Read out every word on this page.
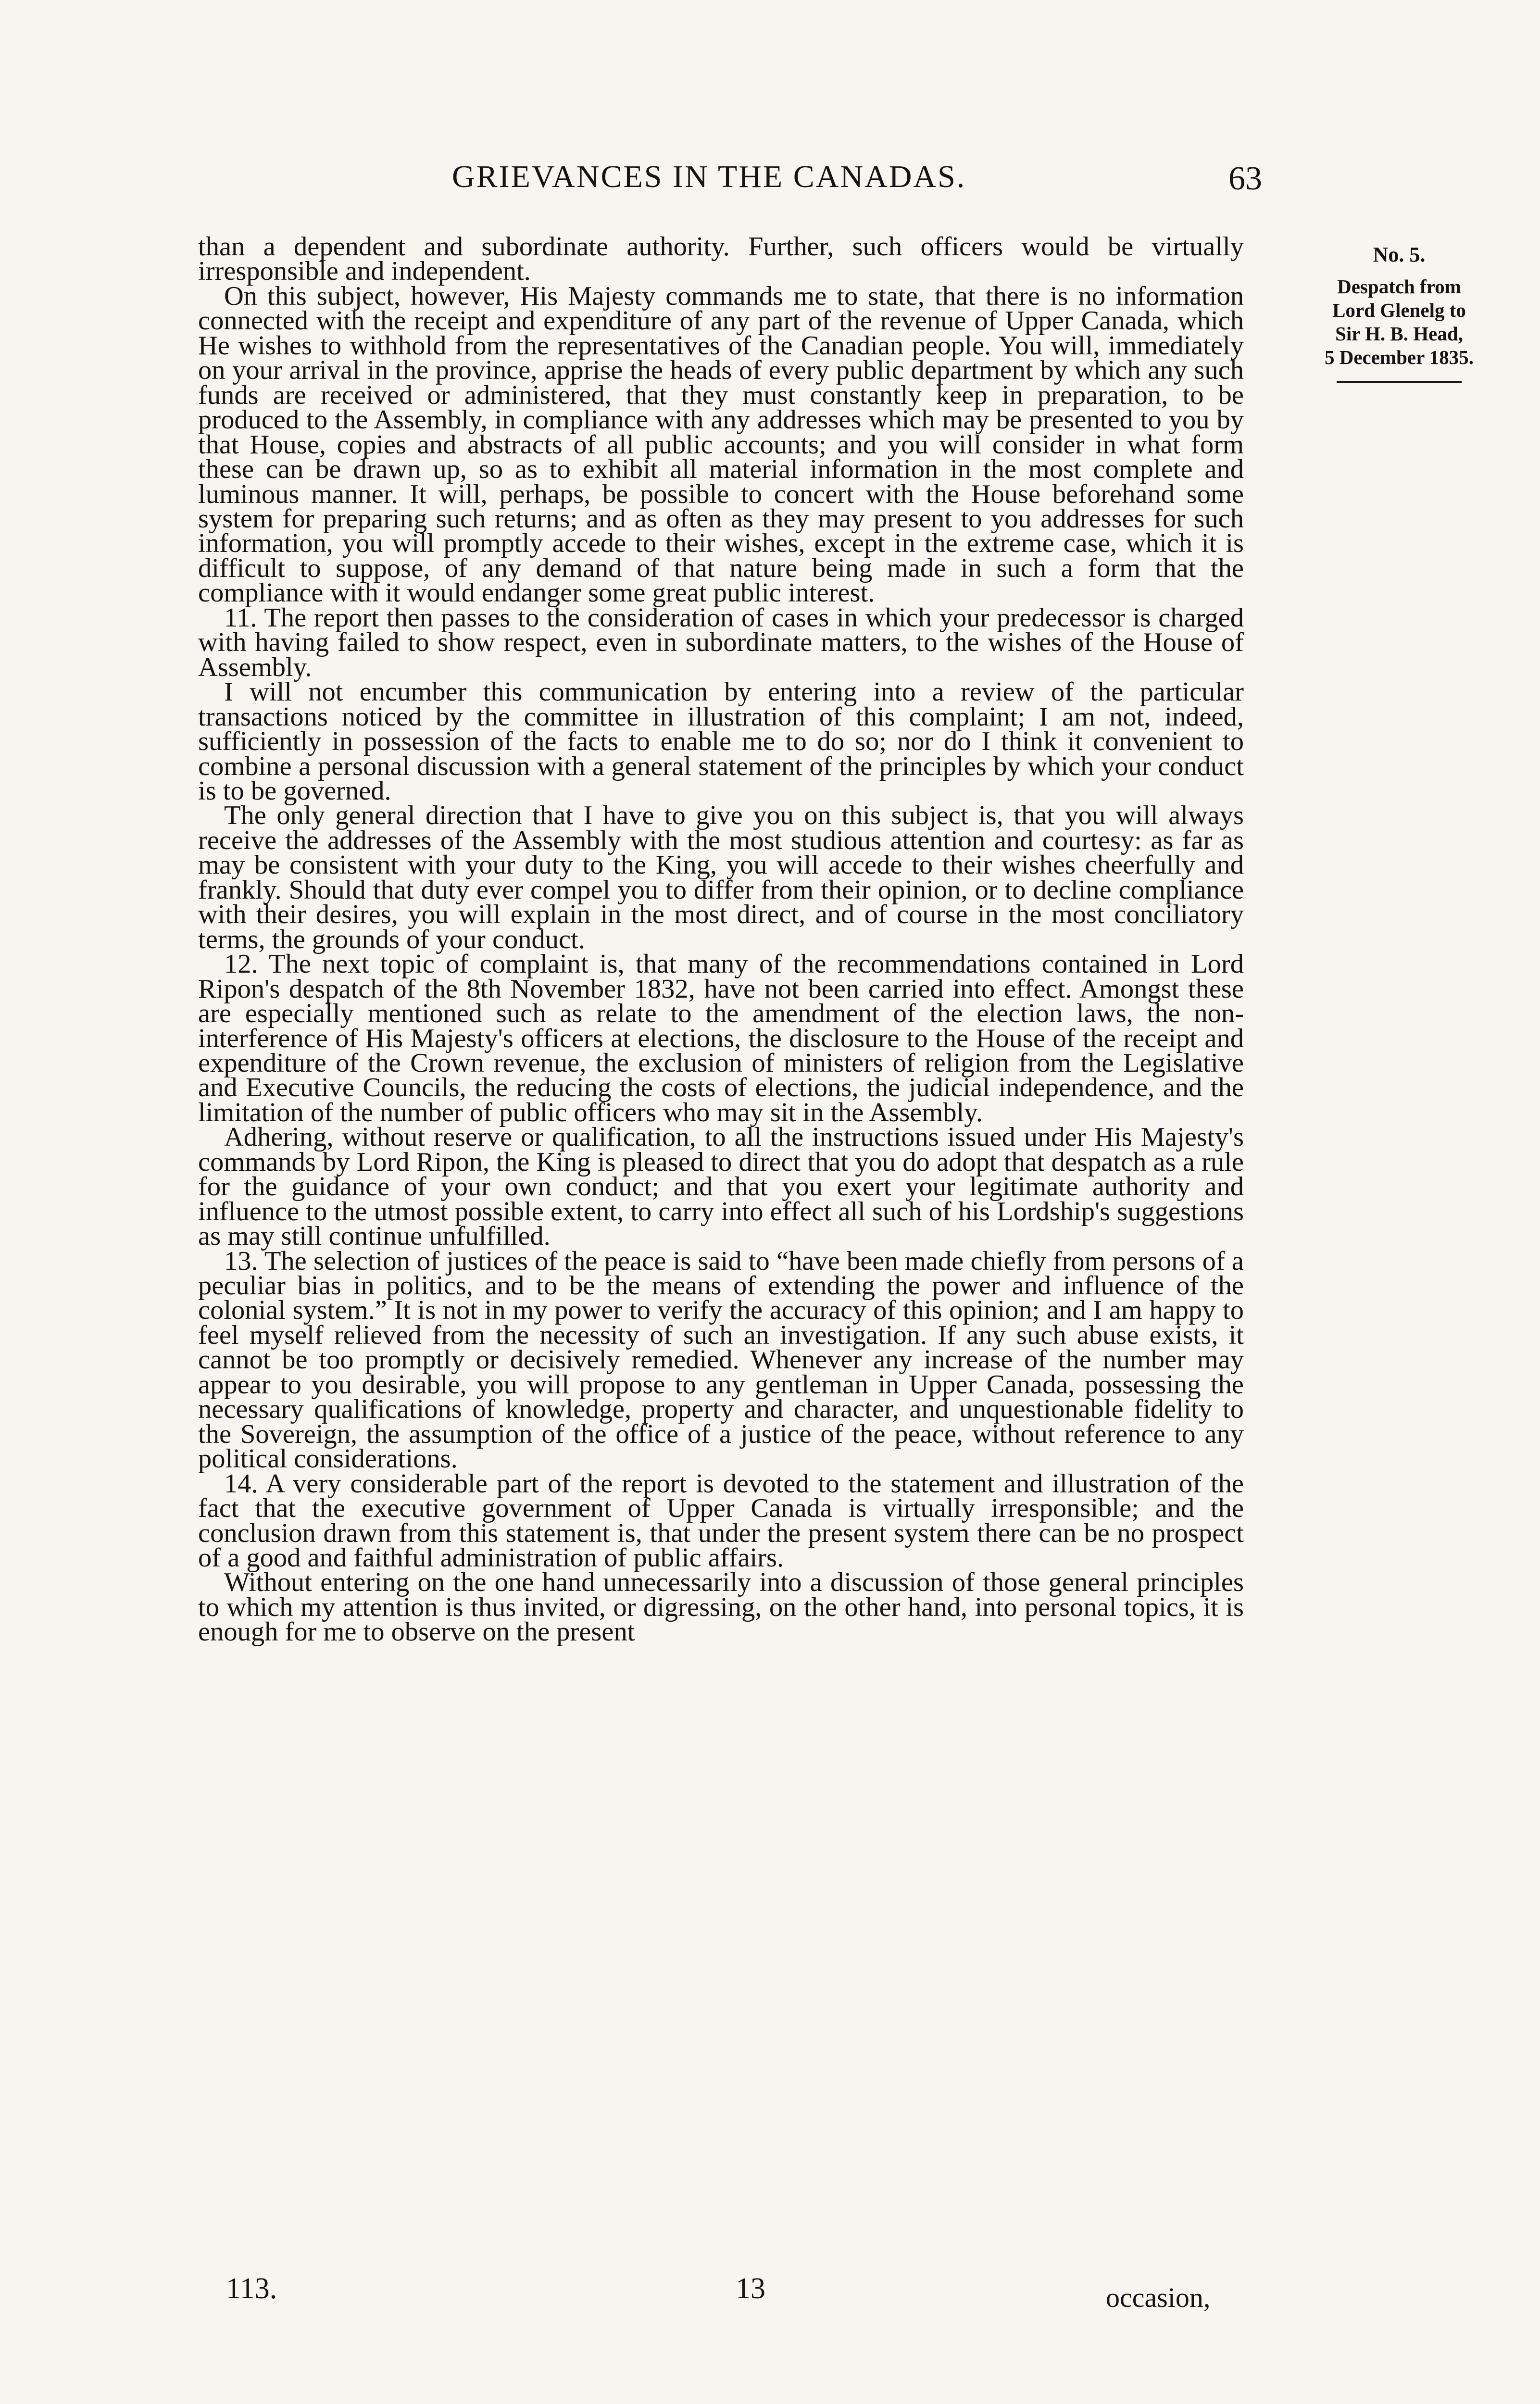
GRIEVANCES IN THE CANADAS.	63

than a dependent and subordinate authority. Further, such officers would be virtually irresponsible and independent.

On this subject, however, His Majesty commands me to state, that there is no information connected with the receipt and expenditure of any part of the revenue of Upper Canada, which He wishes to withhold from the representatives of the Canadian people. You will, immediately on your arrival in the province, apprise the heads of every public department by which any such funds are received or administered, that they must constantly keep in preparation, to be produced to the Assembly, in compliance with any addresses which may be presented to you by that House, copies and abstracts of all public accounts; and you will consider in what form these can be drawn up, so as to exhibit all material information in the most complete and luminous manner. It will, perhaps, be possible to concert with the House beforehand some system for preparing such returns; and as often as they may present to you addresses for such information, you will promptly accede to their wishes, except in the extreme case, which it is difficult to suppose, of any demand of that nature being made in such a form that the compliance with it would endanger some great public interest.

11. The report then passes to the consideration of cases in which your predecessor is charged with having failed to show respect, even in subordinate matters, to the wishes of the House of Assembly.

I will not encumber this communication by entering into a review of the particular transactions noticed by the committee in illustration of this complaint; I am not, indeed, sufficiently in possession of the facts to enable me to do so; nor do I think it convenient to combine a personal discussion with a general statement of the principles by which your conduct is to be governed.

The only general direction that I have to give you on this subject is, that you will always receive the addresses of the Assembly with the most studious attention and courtesy: as far as may be consistent with your duty to the King, you will accede to their wishes cheerfully and frankly. Should that duty ever compel you to differ from their opinion, or to decline compliance with their desires, you will explain in the most direct, and of course in the most conciliatory terms, the grounds of your conduct.

12. The next topic of complaint is, that many of the recommendations contained in Lord Ripon's despatch of the 8th November 1832, have not been carried into effect. Amongst these are especially mentioned such as relate to the amendment of the election laws, the non-interference of His Majesty's officers at elections, the disclosure to the House of the receipt and expenditure of the Crown revenue, the exclusion of ministers of religion from the Legislative and Executive Councils, the reducing the costs of elections, the judicial independence, and the limitation of the number of public officers who may sit in the Assembly.

Adhering, without reserve or qualification, to all the instructions issued under His Majesty's commands by Lord Ripon, the King is pleased to direct that you do adopt that despatch as a rule for the guidance of your own conduct; and that you exert your legitimate authority and influence to the utmost possible extent, to carry into effect all such of his Lordship's suggestions as may still continue unfulfilled.

13. The selection of justices of the peace is said to “have been made chiefly from persons of a peculiar bias in politics, and to be the means of extending the power and influence of the colonial system.” It is not in my power to verify the accuracy of this opinion; and I am happy to feel myself relieved from the necessity of such an investigation. If any such abuse exists, it cannot be too promptly or decisively remedied. Whenever any increase of the number may appear to you desirable, you will propose to any gentleman in Upper Canada, possessing the necessary qualifications of knowledge, property and character, and unquestionable fidelity to the Sovereign, the assumption of the office of a justice of the peace, without reference to any political considerations.

14. A very considerable part of the report is devoted to the statement and illustration of the fact that the executive government of Upper Canada is virtually irresponsible; and the conclusion drawn from this statement is, that under the present system there can be no prospect of a good and faithful administration of public affairs.

Without entering on the one hand unnecessarily into a discussion of those general principles to which my attention is thus invited, or digressing, on the other hand, into personal topics, it is enough for me to observe on the present

No. 5.
Despatch from
Lord Glenelg to
Sir H. B. Head,
5 December 1835.
113.	13	occasion,
